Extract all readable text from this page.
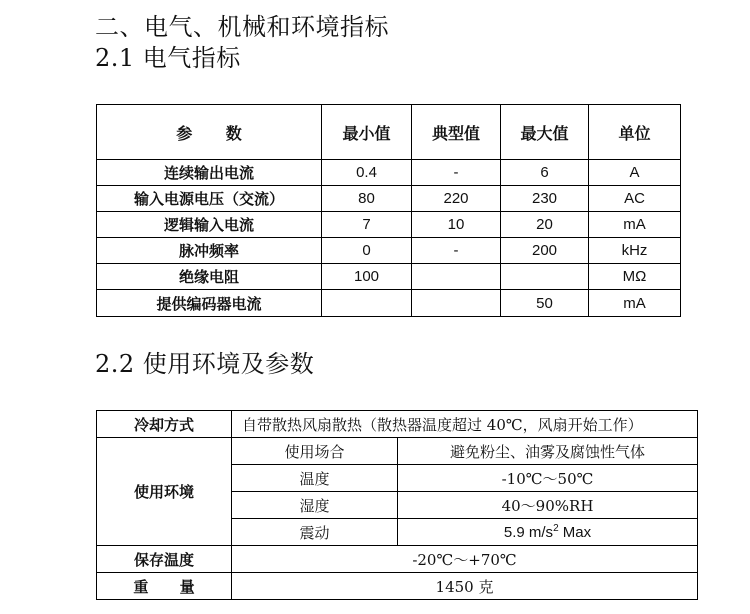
二、电气、机械和环境指标
2.1 电气指标
参      数	最小值	典型值	最大值	单位
连续输出电流	0.4	-	6	A
输入电源电压（交流）	80	220	230	AC
逻辑输入电流	7	10	20	mA
脉冲频率	0	-	200	kHz
绝缘电阻	100			MΩ
提供编码器电流			50	mA
2.2 使用环境及参数
冷却方式	自带散热风扇散热（散热器温度超过 40℃，风扇开始工作）	
使用环境	使用场合	避免粉尘、油雾及腐蚀性气体
	温度	-10℃～50℃
	湿度	40～90%RH
	震动	5.9 $m/s^2$ Max
保存温度	-20℃～+70℃	
重      量	1450 克	
